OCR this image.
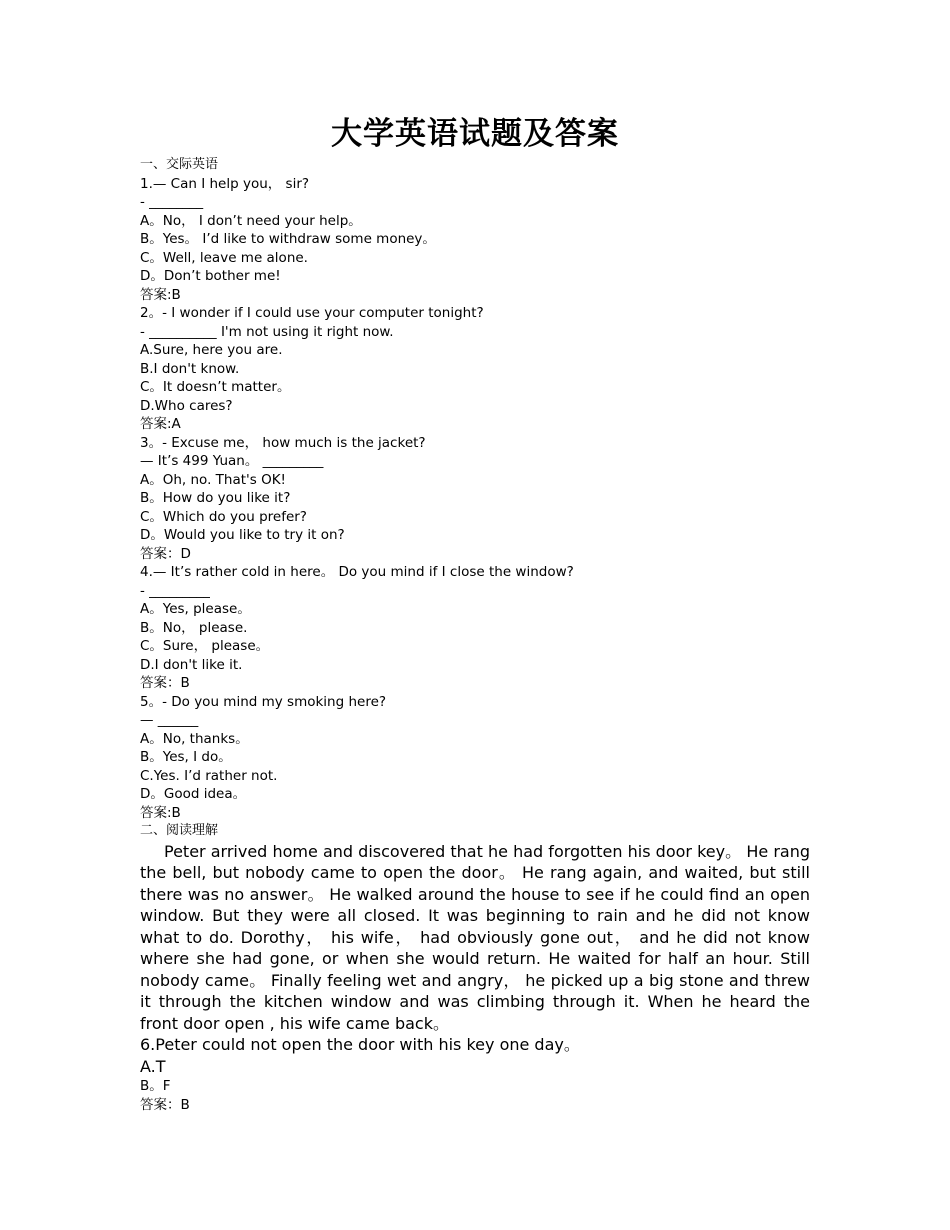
大学英语试题及答案
一、交际英语
1.— Can I help you， sir?
- ________
A。No， I don’t need your help。
B。Yes。 I’d like to withdraw some money。
C。Well, leave me alone.
D。Don’t bother me!
答案:B
2。- I wonder if I could use your computer tonight?
- __________ I'm not using it right now.
A.Sure, here you are.
B.I don't know.
C。It doesn’t matter。
D.Who cares?
答案:A
3。- Excuse me， how much is the jacket?
— It’s 499 Yuan。 _________
A。Oh, no. That's OK!
B。How do you like it?
C。Which do you prefer?
D。Would you like to try it on?
答案：D
4.— It’s rather cold in here。 Do you mind if I close the window?
- _________
A。Yes, please。
B。No， please.
C。Sure， please。
D.I don't like it.
答案：B
5。- Do you mind my smoking here?
— ______
A。No, thanks。
B。Yes, I do。
C.Yes. I’d rather not.
D。Good idea。
答案:B
二、阅读理解

Peter arrived home and discovered that he had forgotten his door key。 He rang the bell, but nobody came to open the door。 He rang again, and waited, but still there was no answer。 He walked around the house to see if he could find an open window. But they were all closed. It was beginning to rain and he did not know what to do. Dorothy， his wife， had obviously gone out， and he did not know where she had gone, or when she would return. He waited for half an hour. Still nobody came。 Finally feeling wet and angry， he picked up a big stone and threw it through the kitchen window and was climbing through it. When he heard the front door open , his wife came back。

6.Peter could not open the door with his key one day。
A.T
B。F
答案：B
